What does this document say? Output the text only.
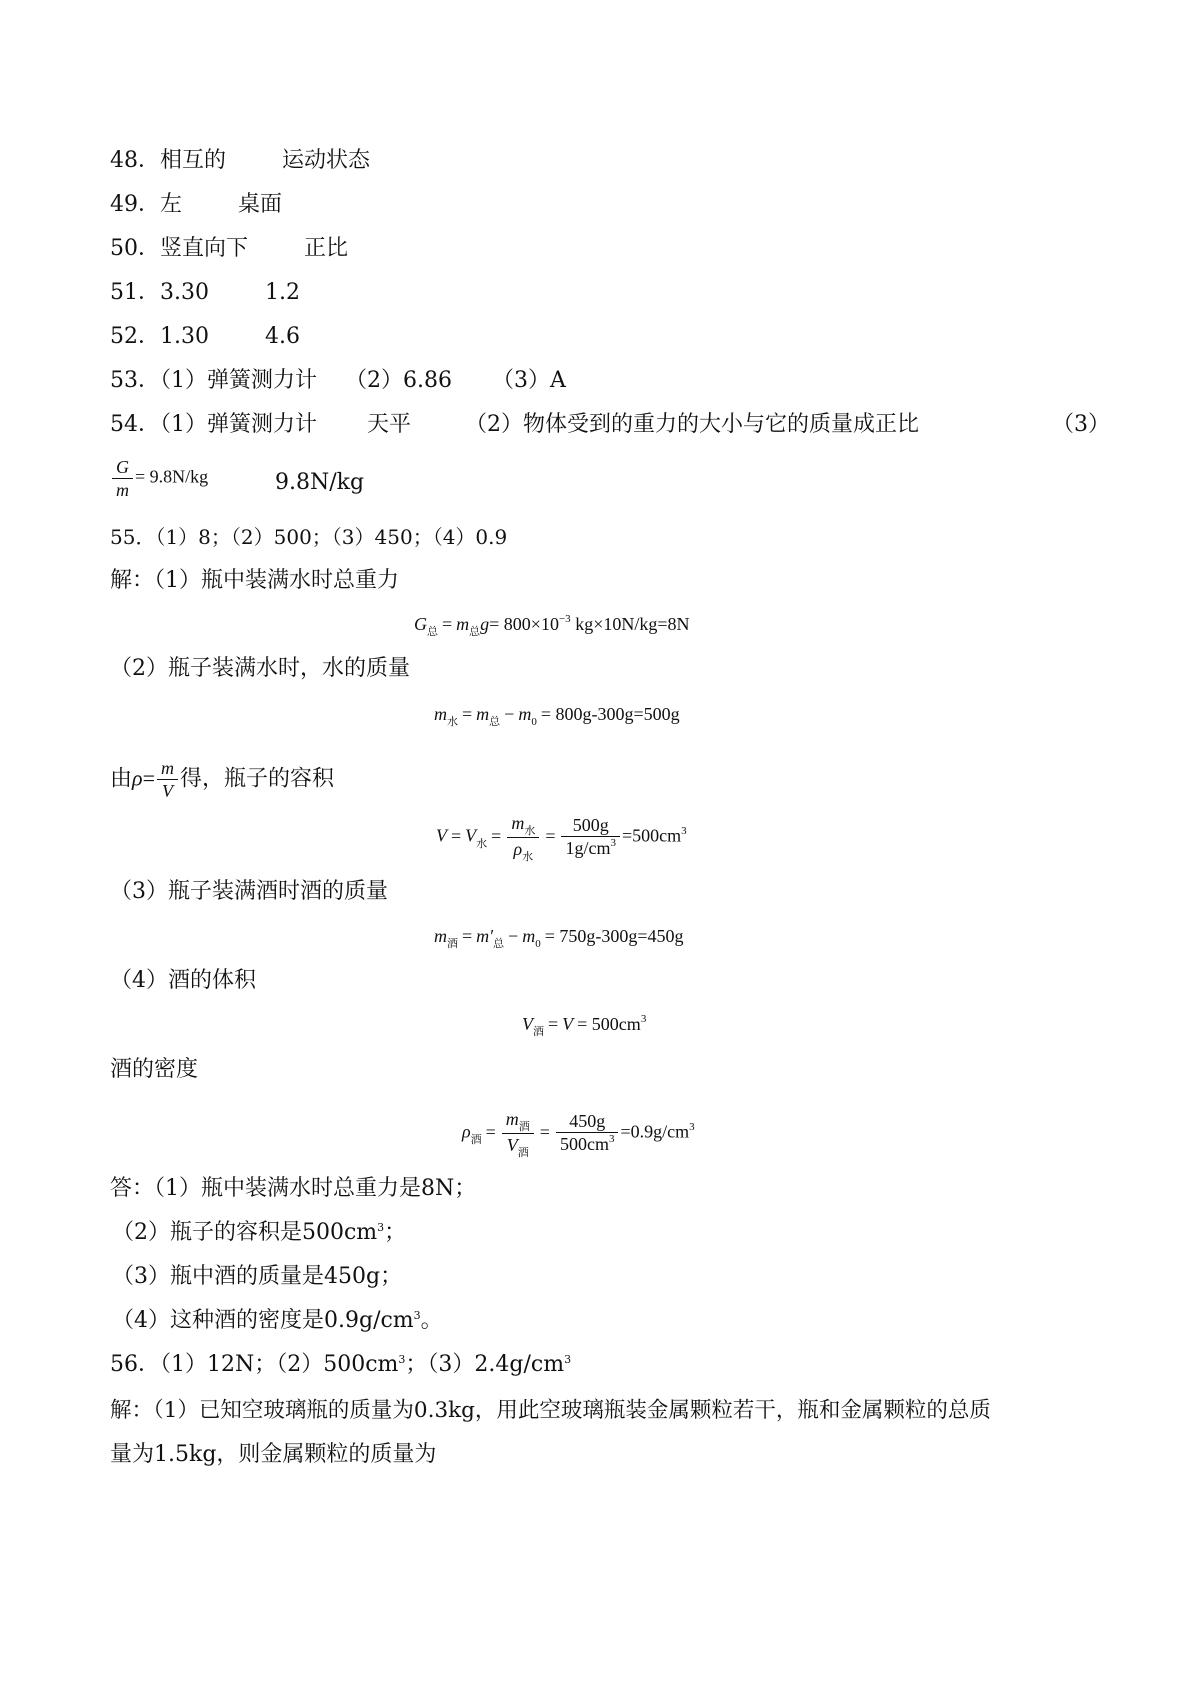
48．相互的	运动状态
49．左	桌面
50．竖直向下	正比
51．3.30	1.2
52．1.30	4.6
53．（1）弹簧测力计 （2）6.86 （3）A
54．（1）弹簧测力计 天平 （2）物体受到的重力的大小与它的质量成正比	（3）
$\frac{G}{m} = 9.8N/kg$	9.8N/kg
55．（1）8；（2）500；（3）450；（4）0.9
解：（1）瓶中装满水时总重力
$G_总 = m_总g= 800\times 10^{-3}$ kg×10N/kg=8N
（2）瓶子装满水时，水的质量
$m_水 = m_总 - m_0 = 800g-300g=500g$
由$\rho= \frac{m}{V}$ 得，瓶子的容积
$V = V_水 = \frac{m_水}{\rho_水} = \frac{500g}{1g/cm^3} =500cm^3$
（3）瓶子装满酒时酒的质量
$m_酒 = m'_总 - m_0 = 750g-300g=450g$
（4）酒的体积
$V_酒 = V = 500cm^3$
酒的密度
$\rho_酒 = \frac{m_酒}{V_酒} = \frac{450g}{500cm^3} =0.9g/cm^3$
答：（1）瓶中装满水时总重力是8N；
（2）瓶子的容积是$500cm^3$；
（3）瓶中酒的质量是450g；
（4）这种酒的密度是$0.9g/cm^3$。
56．（1）12N；$(2)500cm^3$；$(3)2.4g/cm^3$
解：（1）已知空玻璃瓶的质量为0.3kg，用此空玻璃瓶装金属颗粒若干，瓶和金属颗粒的总质
量为1.5kg，则金属颗粒的质量为
